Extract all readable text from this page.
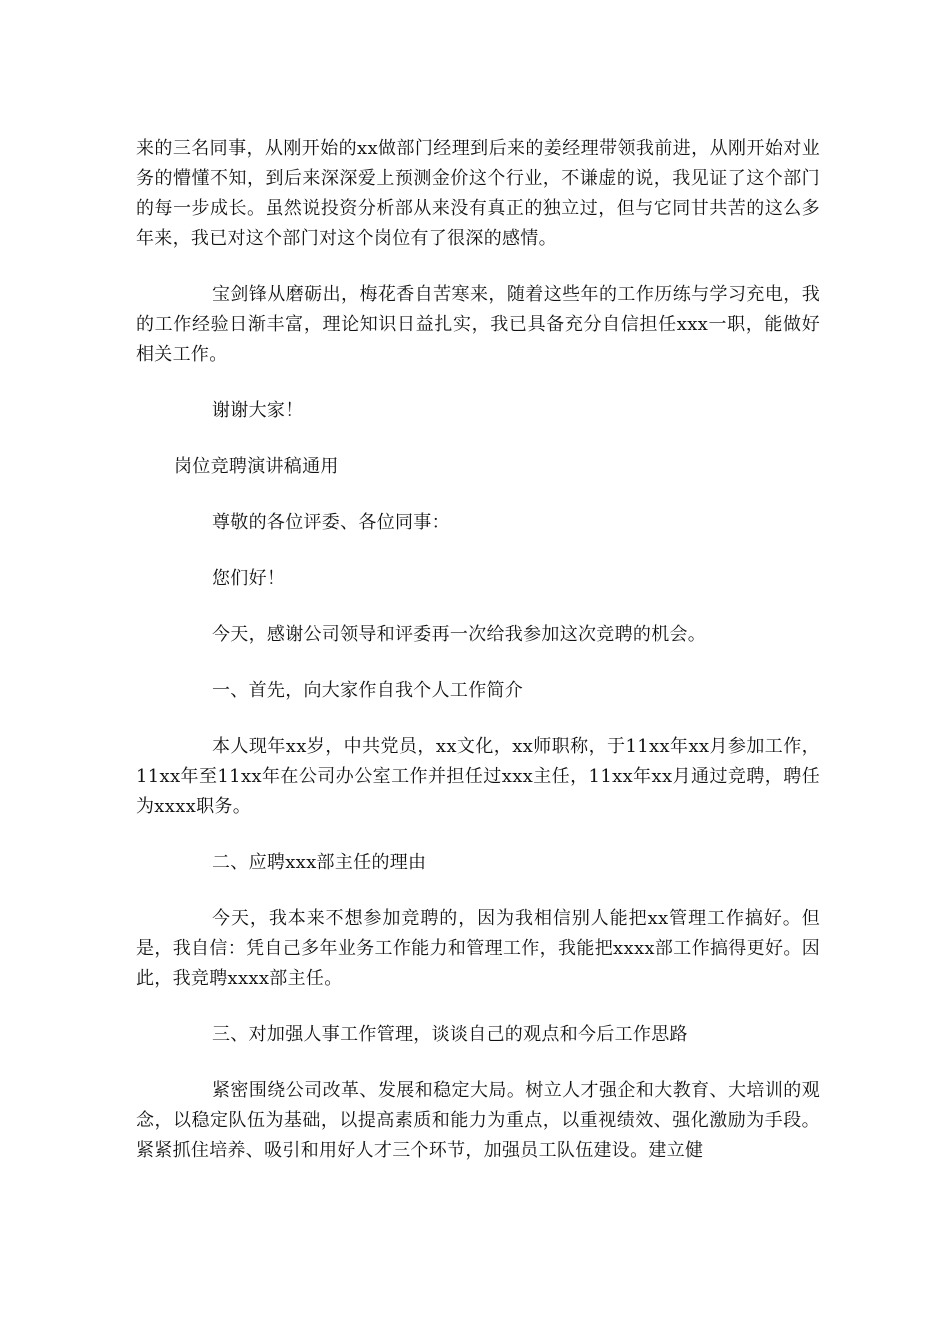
来的三名同事，从刚开始的xx做部门经理到后来的姜经理带领我前进，从刚开始对业务的懵懂不知，到后来深深爱上预测金价这个行业，不谦虚的说，我见证了这个部门的每一步成长。虽然说投资分析部从来没有真正的独立过，但与它同甘共苦的这么多年来，我已对这个部门对这个岗位有了很深的感情。

宝剑锋从磨砺出，梅花香自苦寒来，随着这些年的工作历练与学习充电，我的工作经验日渐丰富，理论知识日益扎实，我已具备充分自信担任xxx一职，能做好相关工作。

谢谢大家！

岗位竞聘演讲稿通用

尊敬的各位评委、各位同事：

您们好！

今天，感谢公司领导和评委再一次给我参加这次竞聘的机会。

一、首先，向大家作自我个人工作简介

本人现年xx岁，中共党员，xx文化，xx师职称，于11xx年xx月参加工作，11xx年至11xx年在公司办公室工作并担任过xxx主任，11xx年xx月通过竞聘，聘任为xxxx职务。

二、应聘xxx部主任的理由

今天，我本来不想参加竞聘的，因为我相信别人能把xx管理工作搞好。但是，我自信：凭自己多年业务工作能力和管理工作，我能把xxxx部工作搞得更好。因此，我竞聘xxxx部主任。

三、对加强人事工作管理，谈谈自己的观点和今后工作思路

紧密围绕公司改革、发展和稳定大局。树立人才强企和大教育、大培训的观念，以稳定队伍为基础，以提高素质和能力为重点，以重视绩效、强化激励为手段。紧紧抓住培养、吸引和用好人才三个环节，加强员工队伍建设。建立健
